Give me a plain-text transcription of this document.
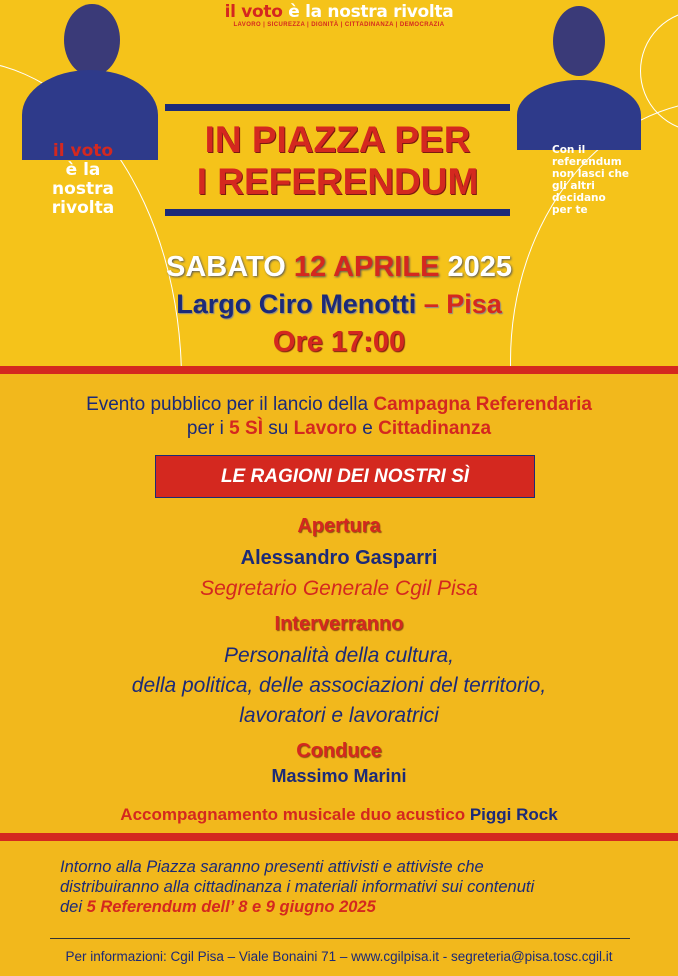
il voto è la nostra rivolta
LAVORO | SICUREZZA | DIGNITÀ | CITTADINANZA | DEMOCRAZIA
il voto
è la
nostra
rivolta
Con il
referendum
non lasci che
gli altri
decidano
per te
IN PIAZZA PER
I REFERENDUM
SABATO 12 APRILE 2025
Largo Ciro Menotti – Pisa
Ore 17:00
Evento pubblico per il lancio della Campagna Referendaria
per i 5 SÌ su Lavoro e Cittadinanza
LE RAGIONI DEI NOSTRI SÌ
Apertura
Alessandro Gasparri
Segretario Generale Cgil Pisa
Interverranno
Personalità della cultura,
della politica, delle associazioni del territorio,
lavoratori e lavoratrici
Conduce
Massimo Marini
Accompagnamento musicale duo acustico Piggi Rock
Intorno alla Piazza saranno presenti attivisti e attiviste che
distribuiranno alla cittadinanza i materiali informativi sui contenuti
dei 5 Referendum dell’ 8 e 9 giugno 2025
Per informazioni: Cgil Pisa – Viale Bonaini 71 – www.cgilpisa.it - segreteria@pisa.tosc.cgil.it
